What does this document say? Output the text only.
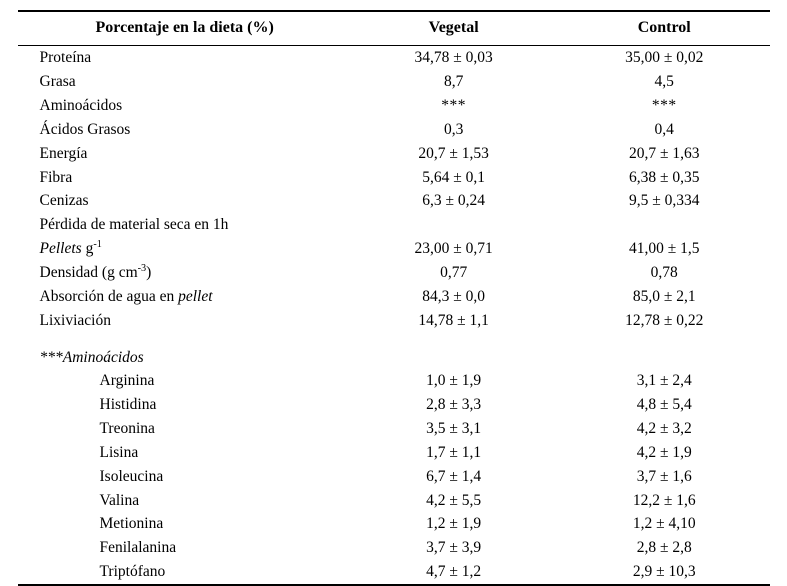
Porcentaje en la dieta (%)	Vegetal	Control

Proteína	34,78 ± 0,03	35,00 ± 0,02
Grasa	8,7	4,5
Aminoácidos	***	***
Ácidos Grasos	0,3	0,4
Energía	20,7 ± 1,53	20,7 ± 1,63
Fibra	5,64 ± 0,1	6,38 ± 0,35
Cenizas	6,3 ± 0,24	9,5 ± 0,334
Pérdida de material seca en 1h		
Pellets $g^{-1}$	23,00 ± 0,71	41,00 ± 1,5
Densidad (g $cm^{-3}$)	0,77	0,78
Absorción de agua en pellet	84,3 ± 0,0	85,0 ± 2,1
Lixiviación	14,78 ± 1,1	12,78 ± 0,22

***Aminoácidos		
Arginina	1,0 ± 1,9	3,1 ± 2,4
Histidina	2,8 ± 3,3	4,8 ± 5,4
Treonina	3,5 ± 3,1	4,2 ± 3,2
Lisina	1,7 ± 1,1	4,2 ± 1,9
Isoleucina	6,7 ± 1,4	3,7 ± 1,6
Valina	4,2 ± 5,5	12,2 ± 1,6
Metionina	1,2 ± 1,9	1,2 ± 4,10
Fenilalanina	3,7 ± 3,9	2,8 ± 2,8
Triptófano	4,7 ± 1,2	2,9 ± 10,3
